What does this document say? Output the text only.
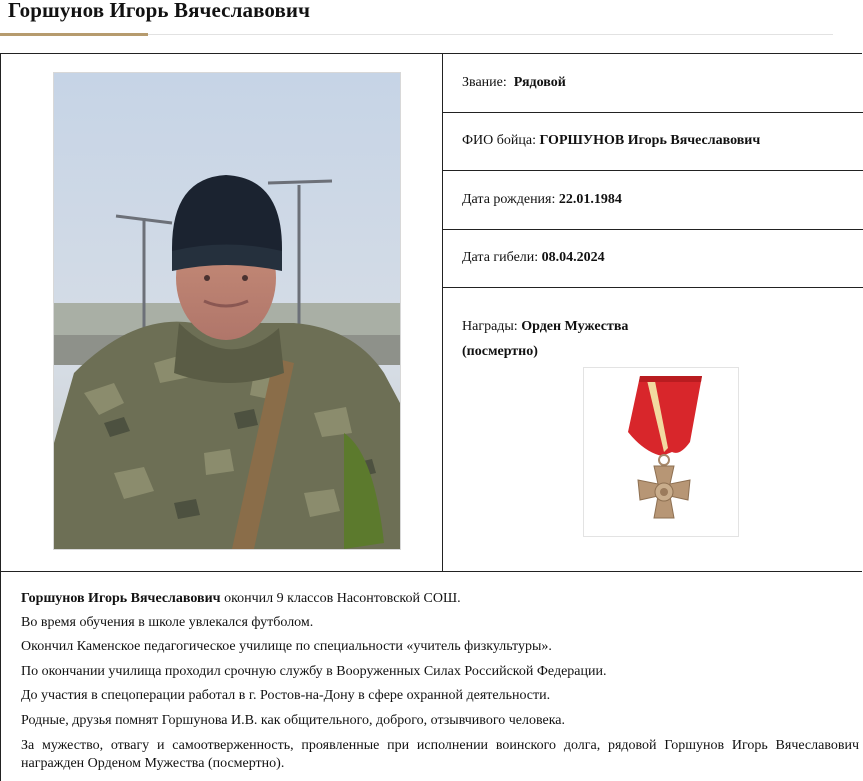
Горшунов Игорь Вячеславович
Звание: Рядовой
ФИО бойца: ГОРШУНОВ Игорь Вячеславович
Дата рождения: 22.01.1984
Дата гибели: 08.04.2024
Награды: Орден Мужества
(посмертно)

Горшунов Игорь Вячеславович окончил 9 классов Насонтовской СОШ.

Во время обучения в школе увлекался футболом.

Окончил Каменское педагогическое училище по специальности «учитель физкультуры».

По окончании училища проходил срочную службу в Вооруженных Силах Российской Федерации.

До участия в спецоперации работал в г. Ростов-на-Дону в сфере охранной деятельности.

Родные, друзья помнят Горшунова И.В. как общительного, доброго, отзывчивого человека.

За мужество, отвагу и самоотверженность, проявленные при исполнении воинского долга, рядовой Горшунов Игорь Вячеславович награжден Орденом Мужества (посмертно).
